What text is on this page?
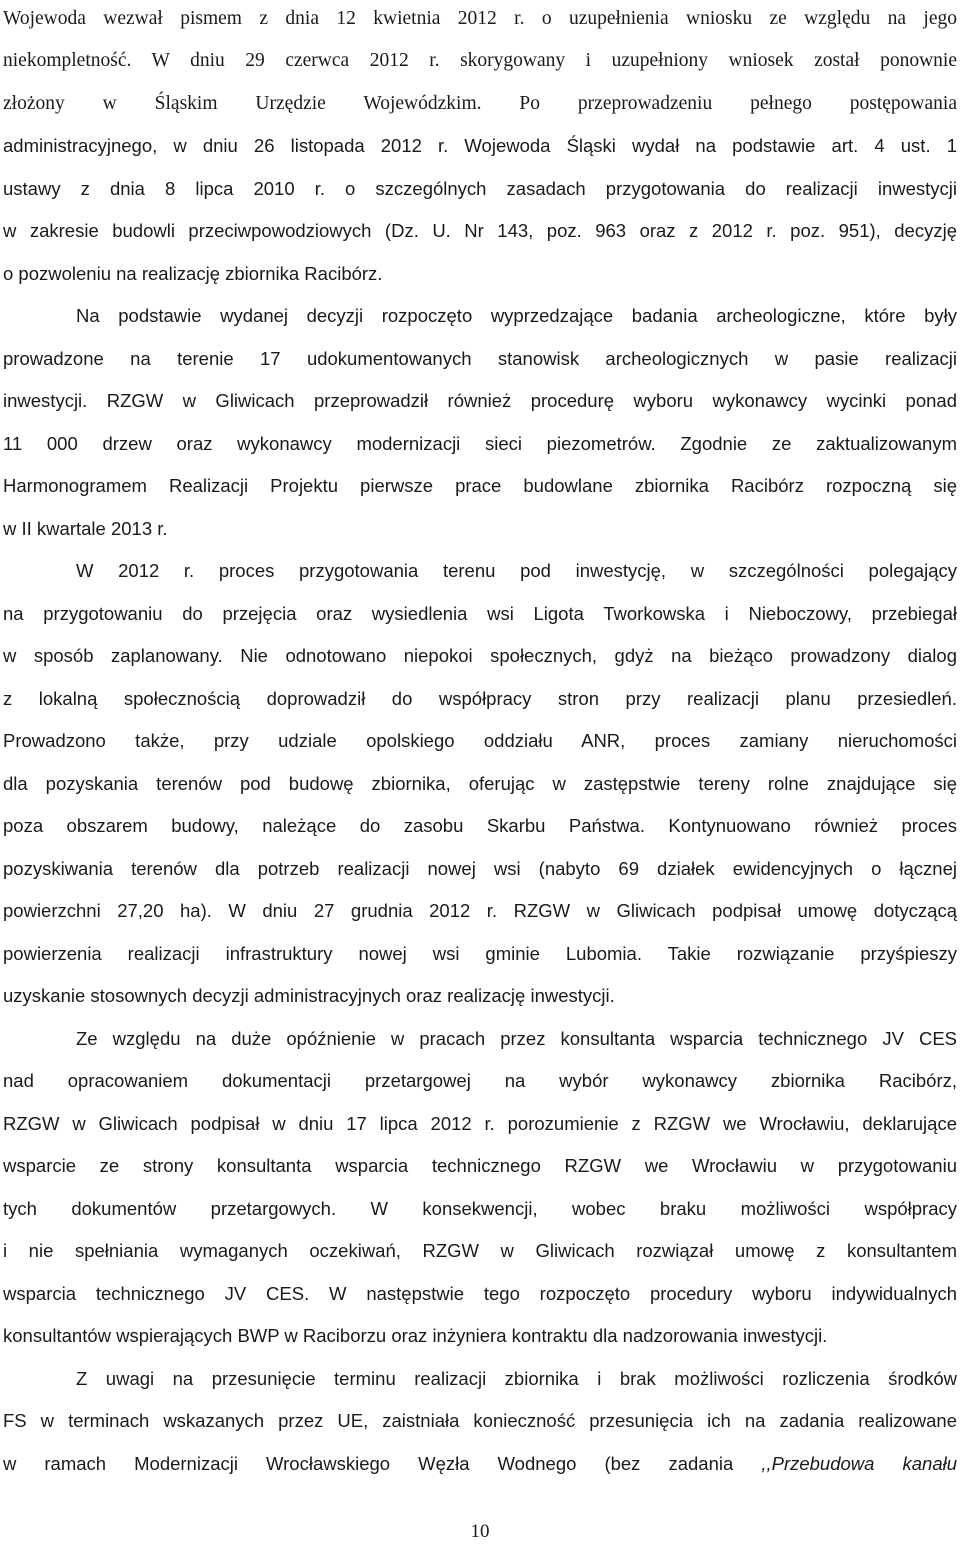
Wojewoda wezwał pismem z dnia 12 kwietnia 2012 r. o uzupełnienia wniosku ze względu na jego
niekompletność. W dniu 29 czerwca 2012 r. skorygowany i uzupełniony wniosek został ponownie
złożony w Śląskim Urzędzie Wojewódzkim. Po przeprowadzeniu pełnego postępowania
administracyjnego, w dniu 26 listopada 2012 r. Wojewoda Śląski wydał na podstawie art. 4 ust. 1
ustawy z dnia 8 lipca 2010 r. o szczególnych zasadach przygotowania do realizacji inwestycji
w zakresie budowli przeciwpowodziowych (Dz. U. Nr 143, poz. 963 oraz z 2012 r. poz. 951), decyzję
o pozwoleniu na realizację zbiornika Racibórz.
Na podstawie wydanej decyzji rozpoczęto wyprzedzające badania archeologiczne, które były
prowadzone na terenie 17 udokumentowanych stanowisk archeologicznych w pasie realizacji
inwestycji. RZGW w Gliwicach przeprowadził również procedurę wyboru wykonawcy wycinki ponad
11 000 drzew oraz wykonawcy modernizacji sieci piezometrów. Zgodnie ze zaktualizowanym
Harmonogramem Realizacji Projektu pierwsze prace budowlane zbiornika Racibórz rozpoczną się
w II kwartale 2013 r.
W 2012 r. proces przygotowania terenu pod inwestycję, w szczególności polegający
na przygotowaniu do przejęcia oraz wysiedlenia wsi Ligota Tworkowska i Nieboczowy, przebiegał
w sposób zaplanowany. Nie odnotowano niepokoi społecznych, gdyż na bieżąco prowadzony dialog
z lokalną społecznością doprowadził do współpracy stron przy realizacji planu przesiedleń.
Prowadzono także, przy udziale opolskiego oddziału ANR, proces zamiany nieruchomości
dla pozyskania terenów pod budowę zbiornika, oferując w zastępstwie tereny rolne znajdujące się
poza obszarem budowy, należące do zasobu Skarbu Państwa. Kontynuowano również proces
pozyskiwania terenów dla potrzeb realizacji nowej wsi (nabyto 69 działek ewidencyjnych o łącznej
powierzchni 27,20 ha). W dniu 27 grudnia 2012 r. RZGW w Gliwicach podpisał umowę dotyczącą
powierzenia realizacji infrastruktury nowej wsi gminie Lubomia. Takie rozwiązanie przyśpieszy
uzyskanie stosownych decyzji administracyjnych oraz realizację inwestycji.
Ze względu na duże opóźnienie w pracach przez konsultanta wsparcia technicznego JV CES
nad opracowaniem dokumentacji przetargowej na wybór wykonawcy zbiornika Racibórz,
RZGW w Gliwicach podpisał w dniu 17 lipca 2012 r. porozumienie z RZGW we Wrocławiu, deklarujące
wsparcie ze strony konsultanta wsparcia technicznego RZGW we Wrocławiu w przygotowaniu
tych dokumentów przetargowych. W konsekwencji, wobec braku możliwości współpracy
i nie spełniania wymaganych oczekiwań, RZGW w Gliwicach rozwiązał umowę z konsultantem
wsparcia technicznego JV CES. W następstwie tego rozpoczęto procedury wyboru indywidualnych
konsultantów wspierających BWP w Raciborzu oraz inżyniera kontraktu dla nadzorowania inwestycji.
Z uwagi na przesunięcie terminu realizacji zbiornika i brak możliwości rozliczenia środków
FS w terminach wskazanych przez UE, zaistniała konieczność przesunięcia ich na zadania realizowane
w ramach Modernizacji Wrocławskiego Węzła Wodnego (bez zadania ,,Przebudowa kanału
10
